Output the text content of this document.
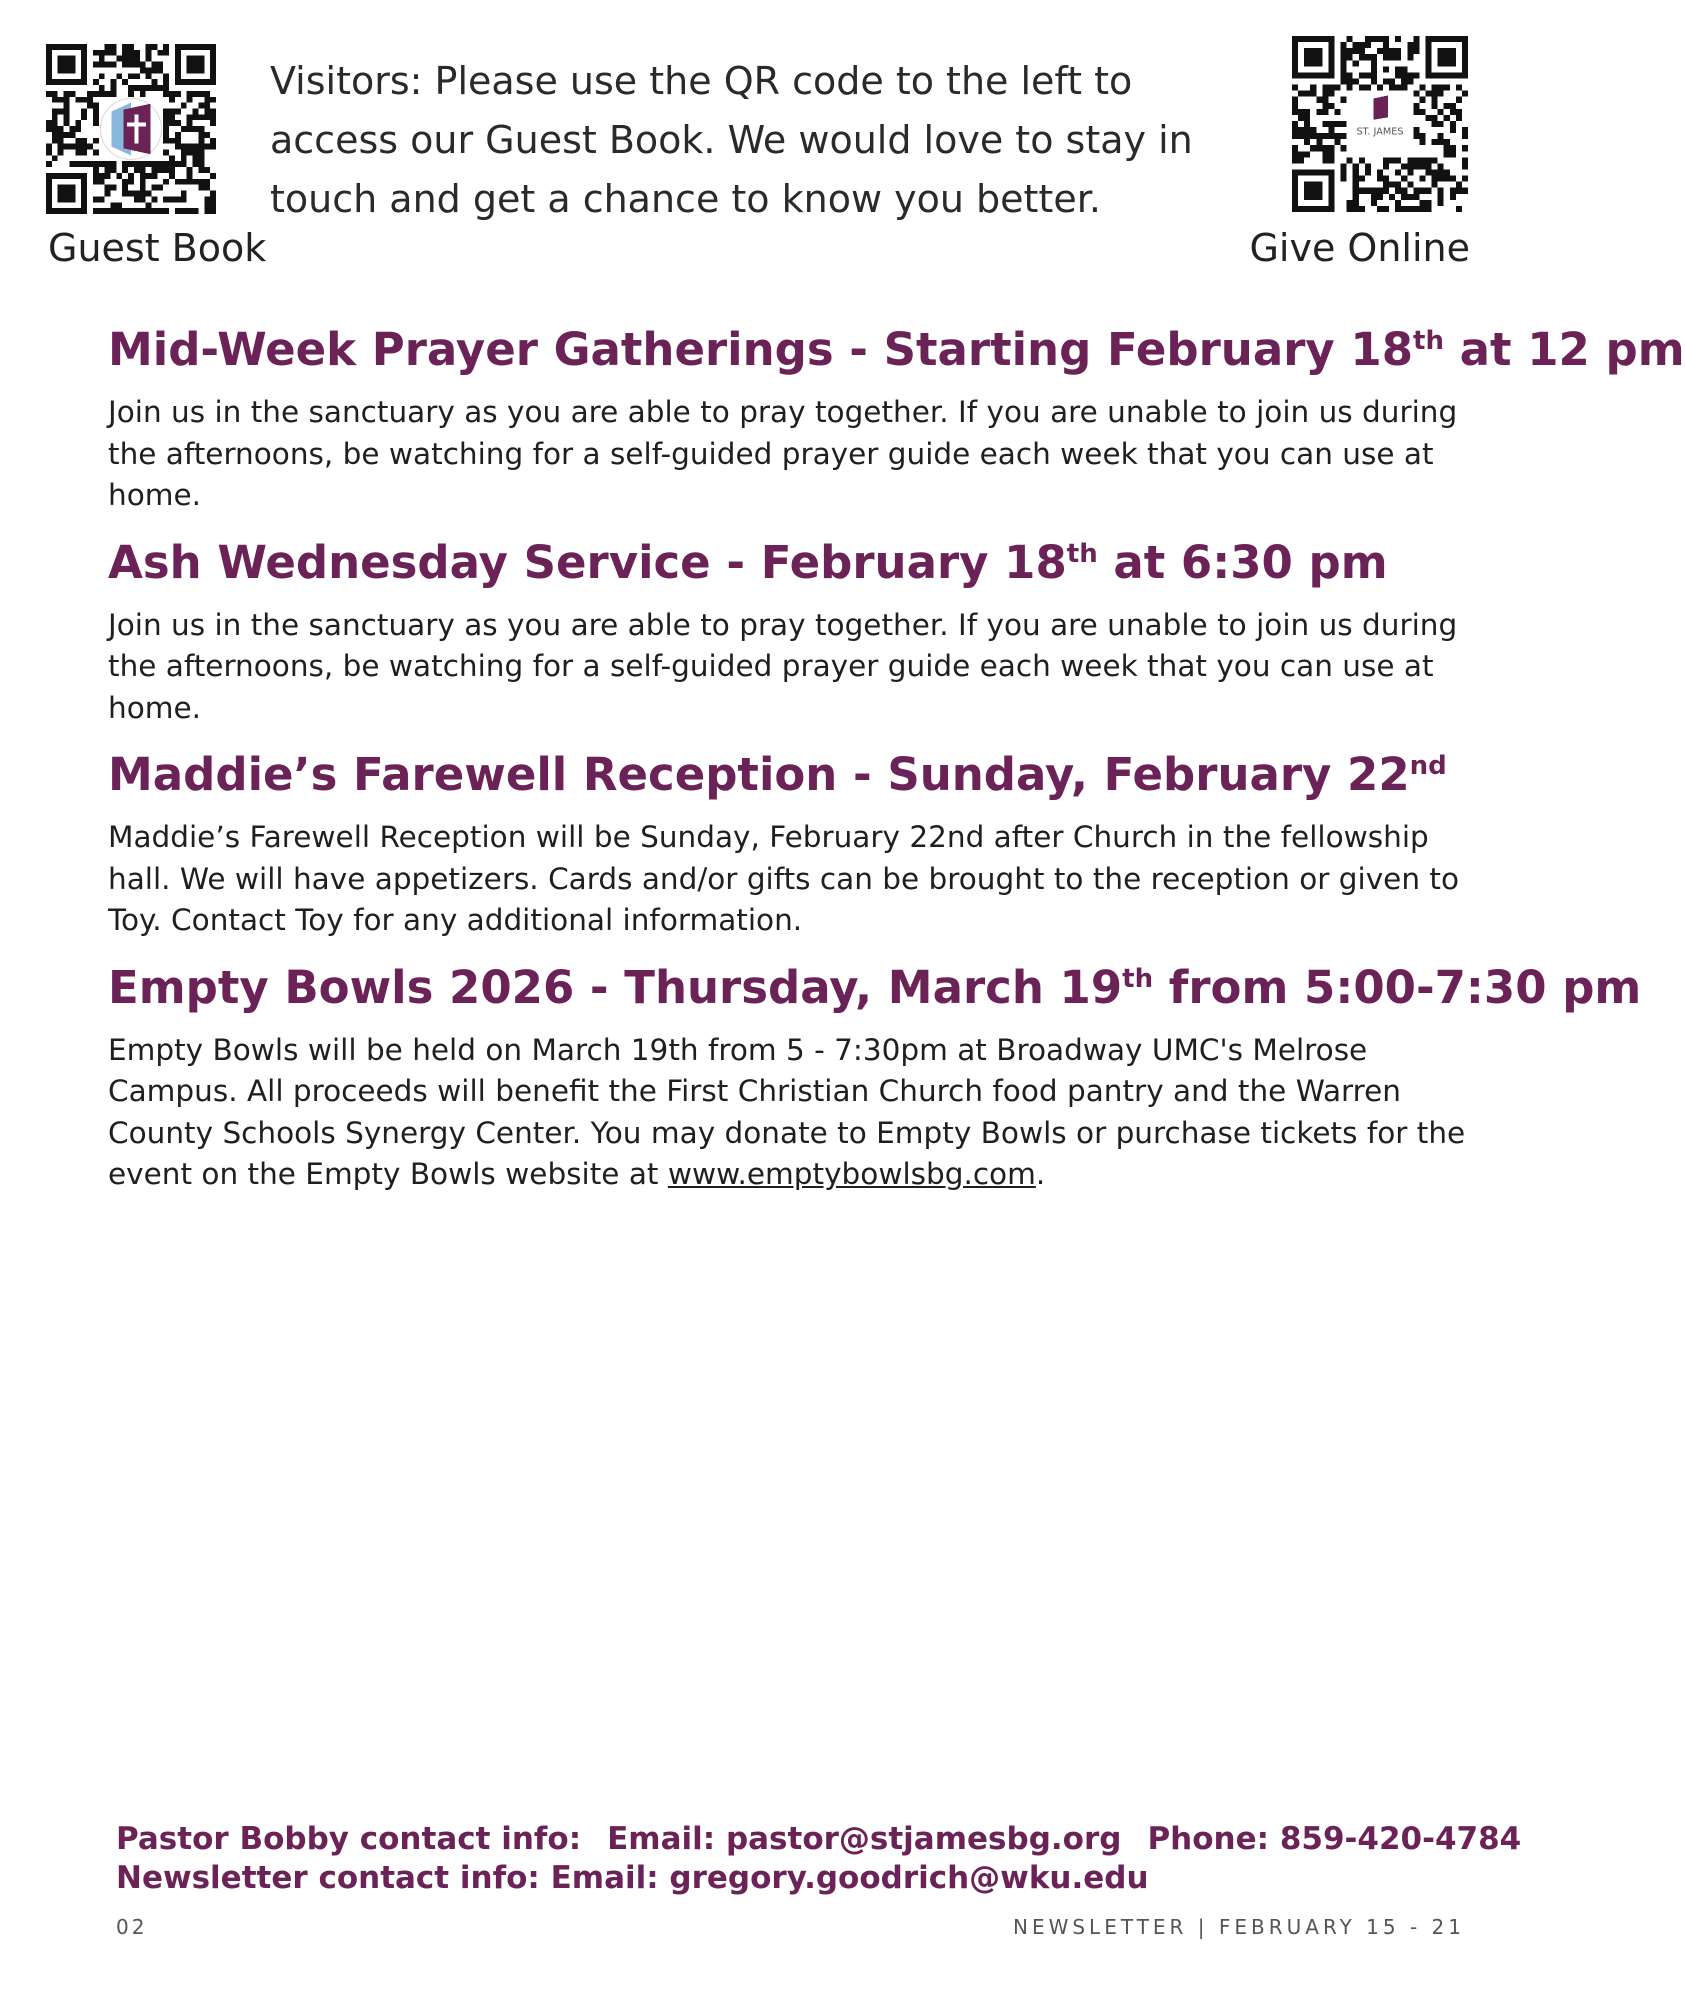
Guest Book
Visitors: Please use the QR code to the left to access our Guest Book. We would love to stay in touch and get a chance to know you better.
ST. JAMES
Give Online
Mid-Week Prayer Gatherings - Starting February 18th at 12 pm

Join us in the sanctuary as you are able to pray together. If you are unable to join us during the afternoons, be watching for a self-guided prayer guide each week that you can use at home.

Ash Wednesday Service - February 18th at 6:30 pm

Join us in the sanctuary as you are able to pray together. If you are unable to join us during the afternoons, be watching for a self-guided prayer guide each week that you can use at home.

Maddie’s Farewell Reception - Sunday, February 22nd

Maddie’s Farewell Reception will be Sunday, February 22nd after Church in the fellowship hall. We will have appetizers. Cards and/or gifts can be brought to the reception or given to Toy. Contact Toy for any additional information.

Empty Bowls 2026 - Thursday, March 19th from 5:00-7:30 pm

Empty Bowls will be held on March 19th from 5 - 7:30pm at Broadway UMC's Melrose Campus. All proceeds will benefit the First Christian Church food pantry and the Warren County Schools Synergy Center. You may donate to Empty Bowls or purchase tickets for the event on the Empty Bowls website at www.emptybowlsbg.com.

Pastor Bobby contact info: Email: pastor@stjamesbg.org Phone: 859-420-4784
Newsletter contact info: Email: gregory.goodrich@wku.edu
02	NEWSLETTER | FEBRUARY 15 - 21
